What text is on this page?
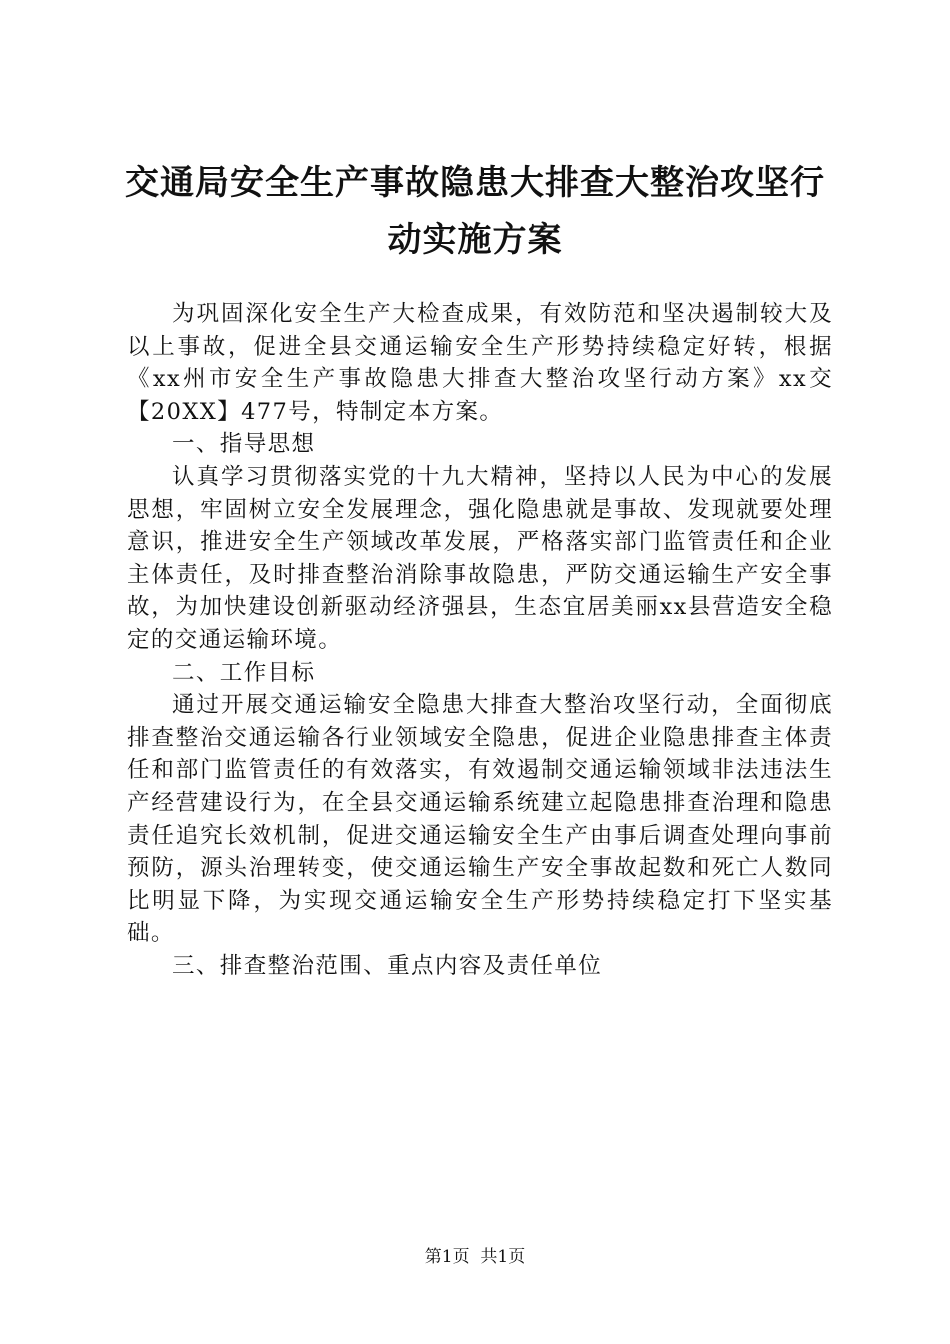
交通局安全生产事故隐患大排查大整治攻坚行
动实施方案

为巩固深化安全生产大检查成果，有效防范和坚决遏制较大及以上事故，促进全县交通运输安全生产形势持续稳定好转，根据《xx州市安全生产事故隐患大排查大整治攻坚行动方案》xx交【20XX】477号，特制定本方案。

一、指导思想

认真学习贯彻落实党的十九大精神，坚持以人民为中心的发展思想，牢固树立安全发展理念，强化隐患就是事故、发现就要处理意识，推进安全生产领域改革发展，严格落实部门监管责任和企业主体责任，及时排查整治消除事故隐患，严防交通运输生产安全事故，为加快建设创新驱动经济强县，生态宜居美丽xx县营造安全稳定的交通运输环境。

二、工作目标

通过开展交通运输安全隐患大排查大整治攻坚行动，全面彻底排查整治交通运输各行业领域安全隐患，促进企业隐患排查主体责任和部门监管责任的有效落实，有效遏制交通运输领域非法违法生产经营建设行为，在全县交通运输系统建立起隐患排查治理和隐患责任追究长效机制，促进交通运输安全生产由事后调查处理向事前预防，源头治理转变，使交通运输生产安全事故起数和死亡人数同比明显下降，为实现交通运输安全生产形势持续稳定打下坚实基础。

三、排查整治范围、重点内容及责任单位

第1页  共1页
